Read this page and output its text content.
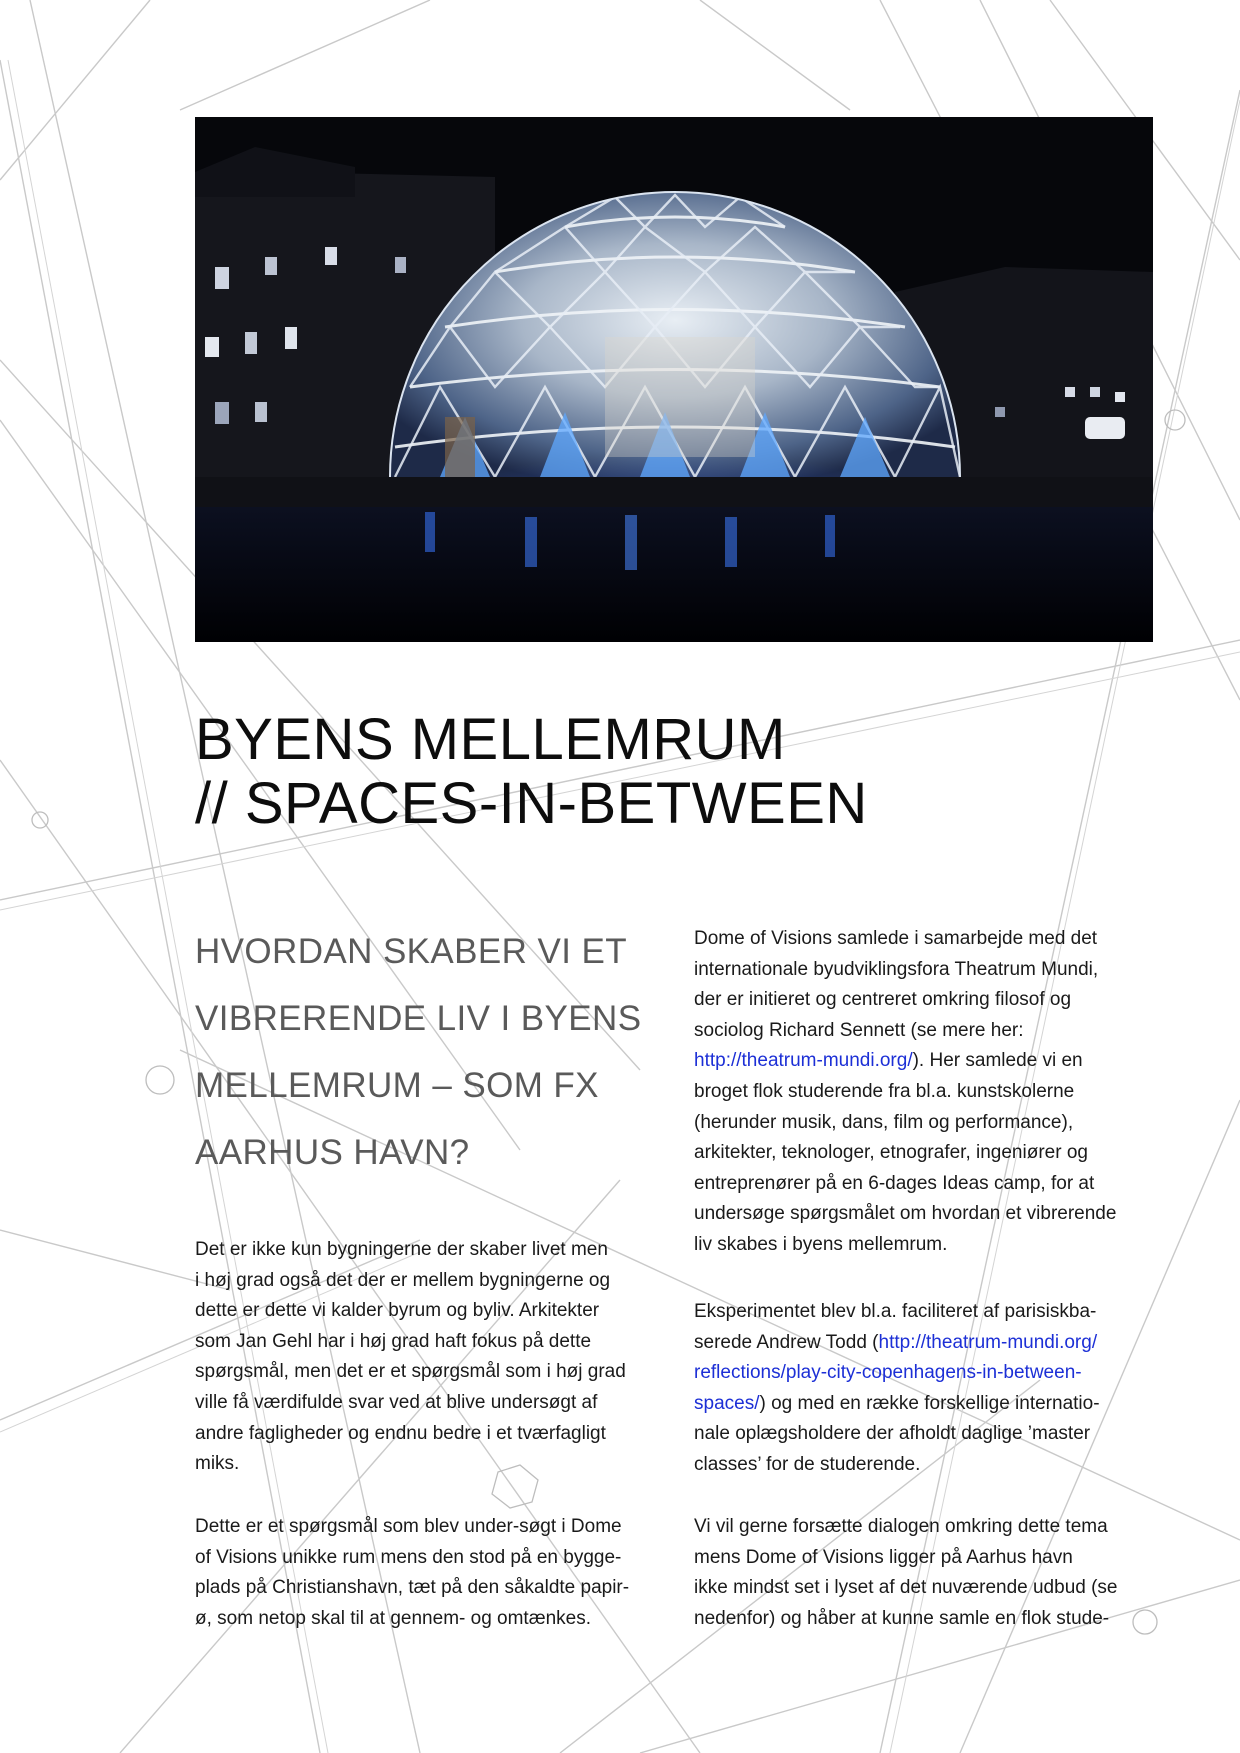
BYENS MELLEMRUM
// SPACES-IN-BETWEEN
HVORDAN SKABER VI ET
VIBRERENDE LIV I BYENS
MELLEMRUM – SOM FX
AARHUS HAVN?
Det er ikke kun bygningerne der skaber livet men
i høj grad også det der er mellem bygningerne og
dette er dette vi kalder byrum og byliv. Arkitekter
som Jan Gehl har i høj grad haft fokus på dette
spørgsmål, men det er et spørgsmål som i høj grad
ville få værdifulde svar ved at blive undersøgt af
andre fagligheder og endnu bedre i et tværfagligt
miks.
Dette er et spørgsmål som blev under-søgt i Dome
of Visions unikke rum mens den stod på en bygge-
plads på Christianshavn, tæt på den såkaldte papir-
ø, som netop skal til at gennem- og omtænkes.
Dome of Visions samlede i samarbejde med det
internationale byudviklingsfora Theatrum Mundi,
der er initieret og centreret omkring filosof og
sociolog Richard Sennett (se mere her:
http://theatrum-mundi.org/). Her samlede vi en
broget flok studerende fra bl.a. kunstskolerne
(herunder musik, dans, film og performance),
arkitekter, teknologer, etnografer, ingeniører og
entreprenører på en 6-dages Ideas camp, for at
undersøge spørgsmålet om hvordan et vibrerende
liv skabes i byens mellemrum.
Eksperimentet blev bl.a. faciliteret af parisiskba-
serede Andrew Todd (http://theatrum-mundi.org/
reflections/play-city-copenhagens-in-between-
spaces/) og med en række forskellige internatio-
nale oplægsholdere der afholdt daglige ’master
classes’ for de studerende.
Vi vil gerne forsætte dialogen omkring dette tema
mens Dome of Visions ligger på Aarhus havn
ikke mindst set i lyset af det nuværende udbud (se
nedenfor) og håber at kunne samle en flok stude-
